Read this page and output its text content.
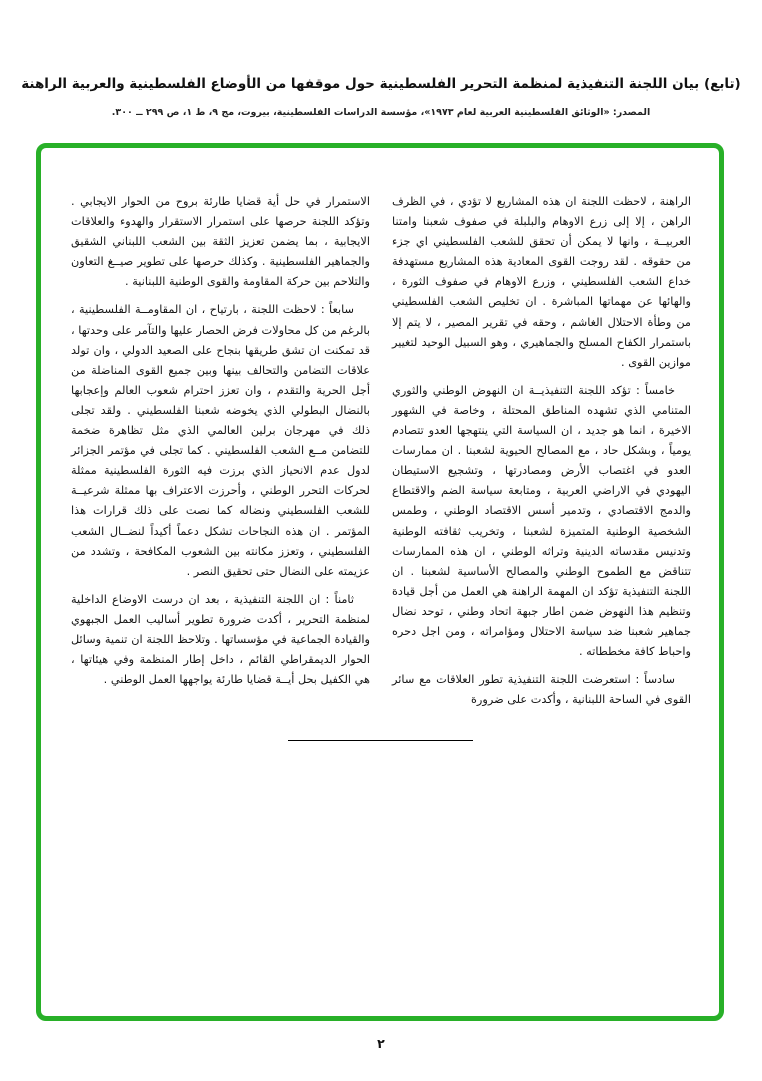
(تابع) بيان اللجنة التنفيذية لمنظمة التحرير الفلسطينية حول موقفها من الأوضاع الفلسطينية والعربية الراهنة
المصدر: «الوثائق الفلسطينية العربية لعام ١٩٧٣»، مؤسسة الدراسات الفلسطينية، بيروت، مج ٩، ط ١، ص ٢٩٩ ــ ٣٠٠.

الراهنة ، لاحظت اللجنة ان هذه المشاريع لا تؤدي ، في الظرف الراهن ، إلا إلى زرع الاوهام والبلبلة في صفوف شعبنا وامتنا العربيــة ، وانها لا يمكن أن تحقق للشعب الفلسطيني اي جزء من حقوقه . لقد روجت القوى المعادية هذه المشاريع مستهدفة خداع الشعب الفلسطيني ، وزرع الاوهام في صفوف الثورة ، والهائها عن مهماتها المباشرة . ان تخليص الشعب الفلسطيني من وطأة الاحتلال الغاشم ، وحقه في تقرير المصير ، لا يتم إلا باستمرار الكفاح المسلح والجماهيري ، وهو السبيل الوحيد لتغيير موازين القوى .

خامساً : تؤكد اللجنة التنفيذيــة ان النهوض الوطني والثوري المتنامي الذي تشهده المناطق المحتلة ، وخاصة في الشهور الاخيرة ، انما هو جديد ، ان السياسة التي ينتهجها العدو تتصادم يومياً ، وبشكل حاد ، مع المصالح الحيوية لشعبنا . ان ممارسات العدو في اغتصاب الأرض ومصادرتها ، وتشجيع الاستيطان اليهودي في الاراضي العربية ، ومتابعة سياسة الضم والاقتطاع والدمج الاقتصادي ، وتدمير أسس الاقتصاد الوطني ، وطمس الشخصية الوطنية المتميزة لشعبنا ، وتخريب ثقافته الوطنية وتدنيس مقدساته الدينية وتراثه الوطني ، ان هذه الممارسات تتناقض مع الطموح الوطني والمصالح الأساسية لشعبنا . ان اللجنة التنفيذية تؤكد ان المهمة الراهنة هي العمل من أجل قيادة وتنظيم هذا النهوض ضمن اطار جبهة اتحاد وطني ، توحد نضال جماهير شعبنا ضد سياسة الاحتلال ومؤامراته ، ومن اجل دحره واحباط كافة مخططاته .

سادساً : استعرضت اللجنة التنفيذية تطور العلاقات مع سائر القوى في الساحة اللبنانية ، وأكدت على ضرورة

الاستمرار في حل أية قضايا طارئة بروح من الحوار الايجابي . وتؤكد اللجنة حرصها على استمرار الاستقرار والهدوء والعلاقات الايجابية ، بما يضمن تعزيز الثقة بين الشعب اللبناني الشقيق والجماهير الفلسطينية . وكذلك حرصها على تطوير صيــغ التعاون والتلاحم بين حركة المقاومة والقوى الوطنية اللبنانية .

سابعاً : لاحظت اللجنة ، بارتياح ، ان المقاومــة الفلسطينية ، بالرغم من كل محاولات فرض الحصار عليها والتآمر على وحدتها ، قد تمكنت ان تشق طريقها بنجاح على الصعيد الدولي ، وان تولد علاقات التضامن والتحالف بينها وبين جميع القوى المناضلة من أجل الحرية والتقدم ، وان تعزز احترام شعوب العالم وإعجابها بالنضال البطولي الذي يخوضه شعبنا الفلسطيني . ولقد تجلى ذلك في مهرجان برلين العالمي الذي مثل تظاهرة ضخمة للتضامن مــع الشعب الفلسطيني . كما تجلى في مؤتمر الجزائر لدول عدم الانحياز الذي برزت فيه الثورة الفلسطينية ممثلة لحركات التحرر الوطني ، وأحرزت الاعتراف بها ممثلة شرعيــة للشعب الفلسطيني ونضاله كما نصت على ذلك قرارات هذا المؤتمر . ان هذه النجاحات تشكل دعماً أكيداً لنضــال الشعب الفلسطيني ، وتعزز مكانته بين الشعوب المكافحة ، وتشدد من عزيمته على النضال حتى تحقيق النصر .

ثامناً : ان اللجنة التنفيذية ، بعد ان درست الاوضاع الداخلية لمنظمة التحرير ، أكدت ضرورة تطوير أساليب العمل الجبهوي والقيادة الجماعية في مؤسساتها . وتلاحظ اللجنة ان تنمية وسائل الحوار الديمقراطي القائم ، داخل إطار المنظمة وفي هيئاتها ، هي الكفيل بحل أيــة قضايا طارئة يواجهها العمل الوطني .

٢
